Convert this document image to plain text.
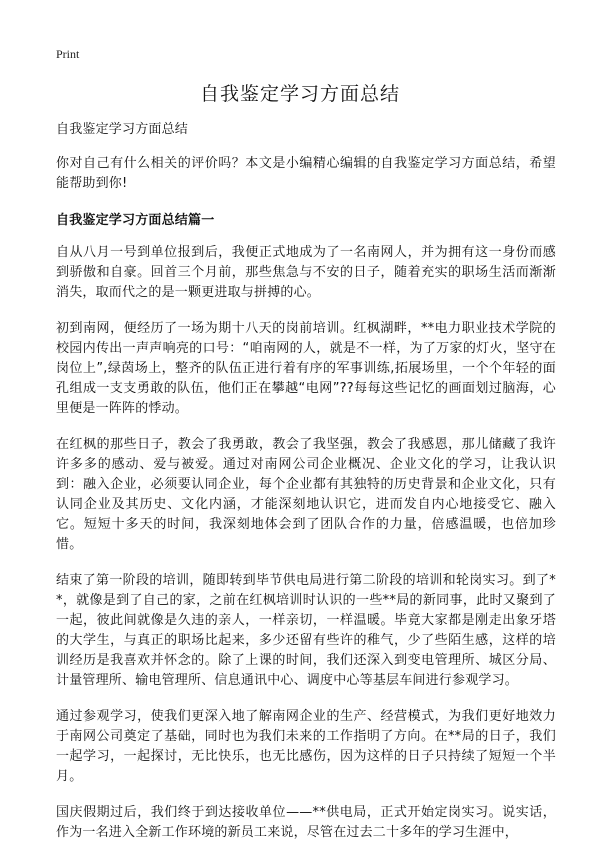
Print
自我鉴定学习方面总结

自我鉴定学习方面总结

你对自己有什么相关的评价吗？本文是小编精心编辑的自我鉴定学习方面总结，希望能帮助到你!

自我鉴定学习方面总结篇一

自从八月一号到单位报到后，我便正式地成为了一名南网人，并为拥有这一身份而感到骄傲和自豪。回首三个月前，那些焦急与不安的日子，随着充实的职场生活而渐渐消失，取而代之的是一颗更进取与拼搏的心。

初到南网，便经历了一场为期十八天的岗前培训。红枫湖畔，**电力职业技术学院的校园内传出一声声响亮的口号：“咱南网的人，就是不一样，为了万家的灯火，坚守在岗位上”,绿茵场上，整齐的队伍正进行着有序的军事训练,拓展场里，一个个年轻的面孔组成一支支勇敢的队伍，他们正在攀越“电网”??每每这些记忆的画面划过脑海，心里便是一阵阵的悸动。

在红枫的那些日子，教会了我勇敢，教会了我坚强，教会了我感恩，那儿储藏了我许许多多的感动、爱与被爱。通过对南网公司企业概况、企业文化的学习，让我认识到：融入企业，必须要认同企业，每个企业都有其独特的历史背景和企业文化，只有认同企业及其历史、文化内涵，才能深刻地认识它，进而发自内心地接受它、融入它。短短十多天的时间，我深刻地体会到了团队合作的力量，倍感温暖，也倍加珍惜。

结束了第一阶段的培训，随即转到毕节供电局进行第二阶段的培训和轮岗实习。到了**，就像是到了自己的家，之前在红枫培训时认识的一些**局的新同事，此时又聚到了一起，彼此间就像是久违的亲人，一样亲切，一样温暖。毕竟大家都是刚走出象牙塔的大学生，与真正的职场比起来，多少还留有些许的稚气，少了些陌生感，这样的培训经历是我喜欢并怀念的。除了上课的时间，我们还深入到变电管理所、城区分局、计量管理所、输电管理所、信息通讯中心、调度中心等基层车间进行参观学习。

通过参观学习，使我们更深入地了解南网企业的生产、经营模式，为我们更好地效力于南网公司奠定了基础，同时也为我们未来的工作指明了方向。在**局的日子，我们一起学习，一起探讨，无比快乐，也无比感伤，因为这样的日子只持续了短短一个半月。

国庆假期过后，我们终于到达接收单位——**供电局，正式开始定岗实习。说实话，作为一名进入全新工作环境的新员工来说，尽管在过去二十多年的学习生涯中，
